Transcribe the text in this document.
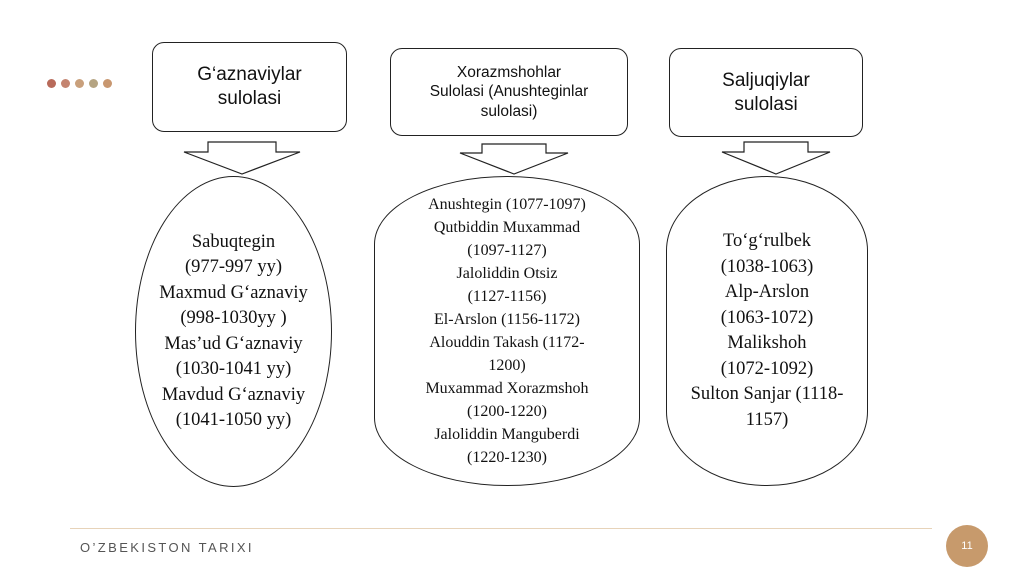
G‘aznaviylar
sulolasi
Sabuqtegin
(977-997 yy)
Maxmud G‘aznaviy
(998-1030yy )
Mas’ud G‘aznaviy
(1030-1041 yy)
Mavdud G‘aznaviy
(1041-1050 yy)
Xorazmshohlar
Sulolasi (Anushteginlar
sulolasi)
Anushtegin (1077-1097)
Qutbiddin Muxammad
(1097-1127)
Jaloliddin Otsiz
(1127-1156)
El-Arslon (1156-1172)
Alouddin Takash (1172-
1200)
Muxammad Xorazmshoh
(1200-1220)
Jaloliddin Manguberdi
(1220-1230)
Saljuqiylar
sulolasi
To‘g‘rulbek
(1038-1063)
Alp-Arslon
(1063-1072)
Malikshoh
(1072-1092)
Sulton Sanjar (1118-
1157)
O’ZBEKISTON TARIXI	11
